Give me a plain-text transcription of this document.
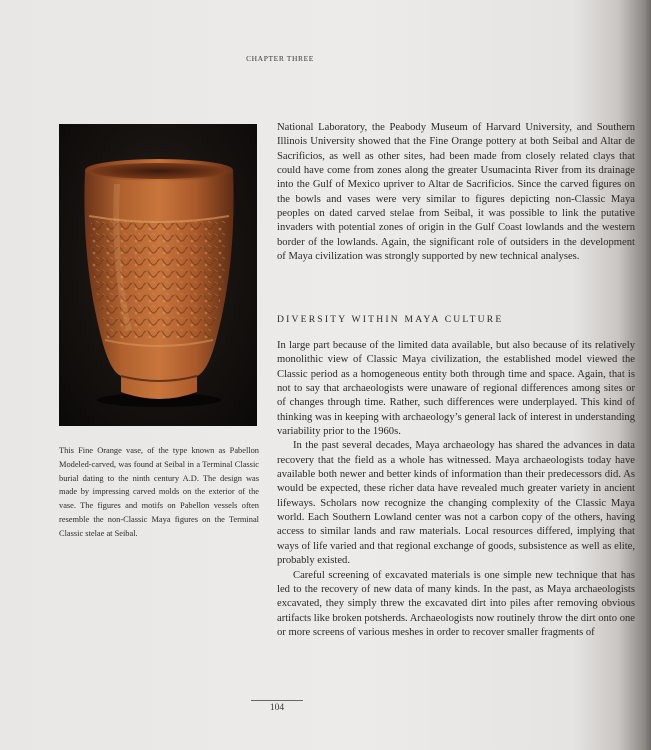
CHAPTER THREE

This Fine Orange vase, of the type known as Pabellon Modeled-carved, was found at Seibal in a Terminal Classic burial dating to the ninth century A.D. The design was made by impressing carved molds on the exterior of the vase. The figures and motifs on Pabellon vessels often resemble the non-Classic Maya figures on the Terminal Classic stelae at Seibal.

National Laboratory, the Peabody Museum of Harvard University, and Southern Illinois University showed that the Fine Orange pottery at both Seibal and Altar de Sacrificios, as well as other sites, had been made from closely related clays that could have come from zones along the greater Usumacinta River from its drainage into the Gulf of Mexico upriver to Altar de Sacrificios. Since the carved figures on the bowls and vases were very similar to figures depicting non-Classic Maya peoples on dated carved stelae from Seibal, it was possible to link the putative invaders with potential zones of origin in the Gulf Coast lowlands and the western border of the lowlands. Again, the significant role of outsiders in the development of Maya civilization was strongly supported by new technical analyses.

DIVERSITY WITHIN MAYA CULTURE

In large part because of the limited data available, but also because of its relatively monolithic view of Classic Maya civilization, the established model viewed the Classic period as a homogeneous entity both through time and space. Again, that is not to say that archaeologists were unaware of regional differences among sites or of changes through time. Rather, such differences were underplayed. This kind of thinking was in keeping with archaeology’s general lack of interest in understanding variability prior to the 1960s.

In the past several decades, Maya archaeology has shared the advances in data recovery that the field as a whole has witnessed. Maya archaeologists today have available both newer and better kinds of information than their predecessors did. As would be expected, these richer data have revealed much greater variety in ancient lifeways. Scholars now recognize the changing complexity of the Classic Maya world. Each Southern Lowland center was not a carbon copy of the others, having access to similar lands and raw materials. Local resources differed, implying that ways of life varied and that regional exchange of goods, subsistence as well as elite, probably existed.

Careful screening of excavated materials is one simple new technique that has led to the recovery of new data of many kinds. In the past, as Maya archaeologists excavated, they simply threw the excavated dirt into piles after removing obvious artifacts like broken potsherds. Archaeologists now routinely throw the dirt onto one or more screens of various meshes in order to recover smaller fragments of

104
